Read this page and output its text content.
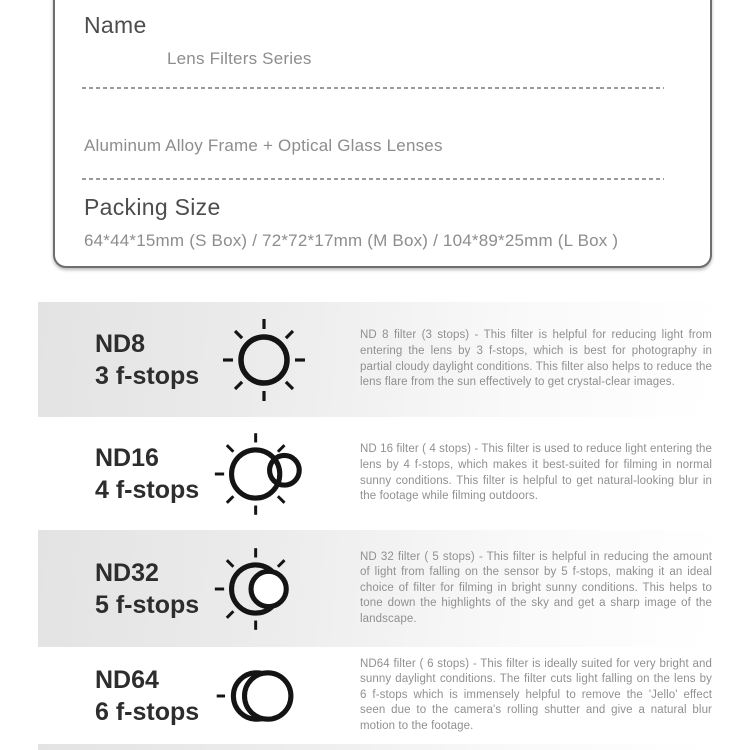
Name
Lens Filters Series
Aluminum Alloy Frame + Optical Glass Lenses
Packing Size
64*44*15mm (S Box) / 72*72*17mm (M Box) / 104*89*25mm (L Box )
ND8
3 f-stops
ND 8 filter (3 stops) - This filter is helpful for reducing light from entering the lens by 3 f-stops, which is best for photography in partial cloudy daylight conditions. This filter also helps to reduce the lens flare from the sun effectively to get crystal-clear images.
ND16
4 f-stops
ND 16 filter ( 4 stops) - This filter is used to reduce light entering the lens by 4 f-stops, which makes it best-suited for filming in normal sunny conditions. This filter is helpful to get natural-looking blur in the footage while filming outdoors.
ND32
5 f-stops
ND 32 filter ( 5 stops) - This filter is helpful in reducing the amount of light from falling on the sensor by 5 f-stops, making it an ideal choice of filter for filming in bright sunny conditions. This helps to tone down the highlights of the sky and get a sharp image of the landscape.
ND64
6 f-stops
ND64 filter ( 6 stops) - This filter is ideally suited for very bright and sunny daylight conditions. The filter cuts light falling on the lens by 6 f-stops which is immensely helpful to remove the 'Jello' effect seen due to the camera's rolling shutter and give a natural blur motion to the footage.
